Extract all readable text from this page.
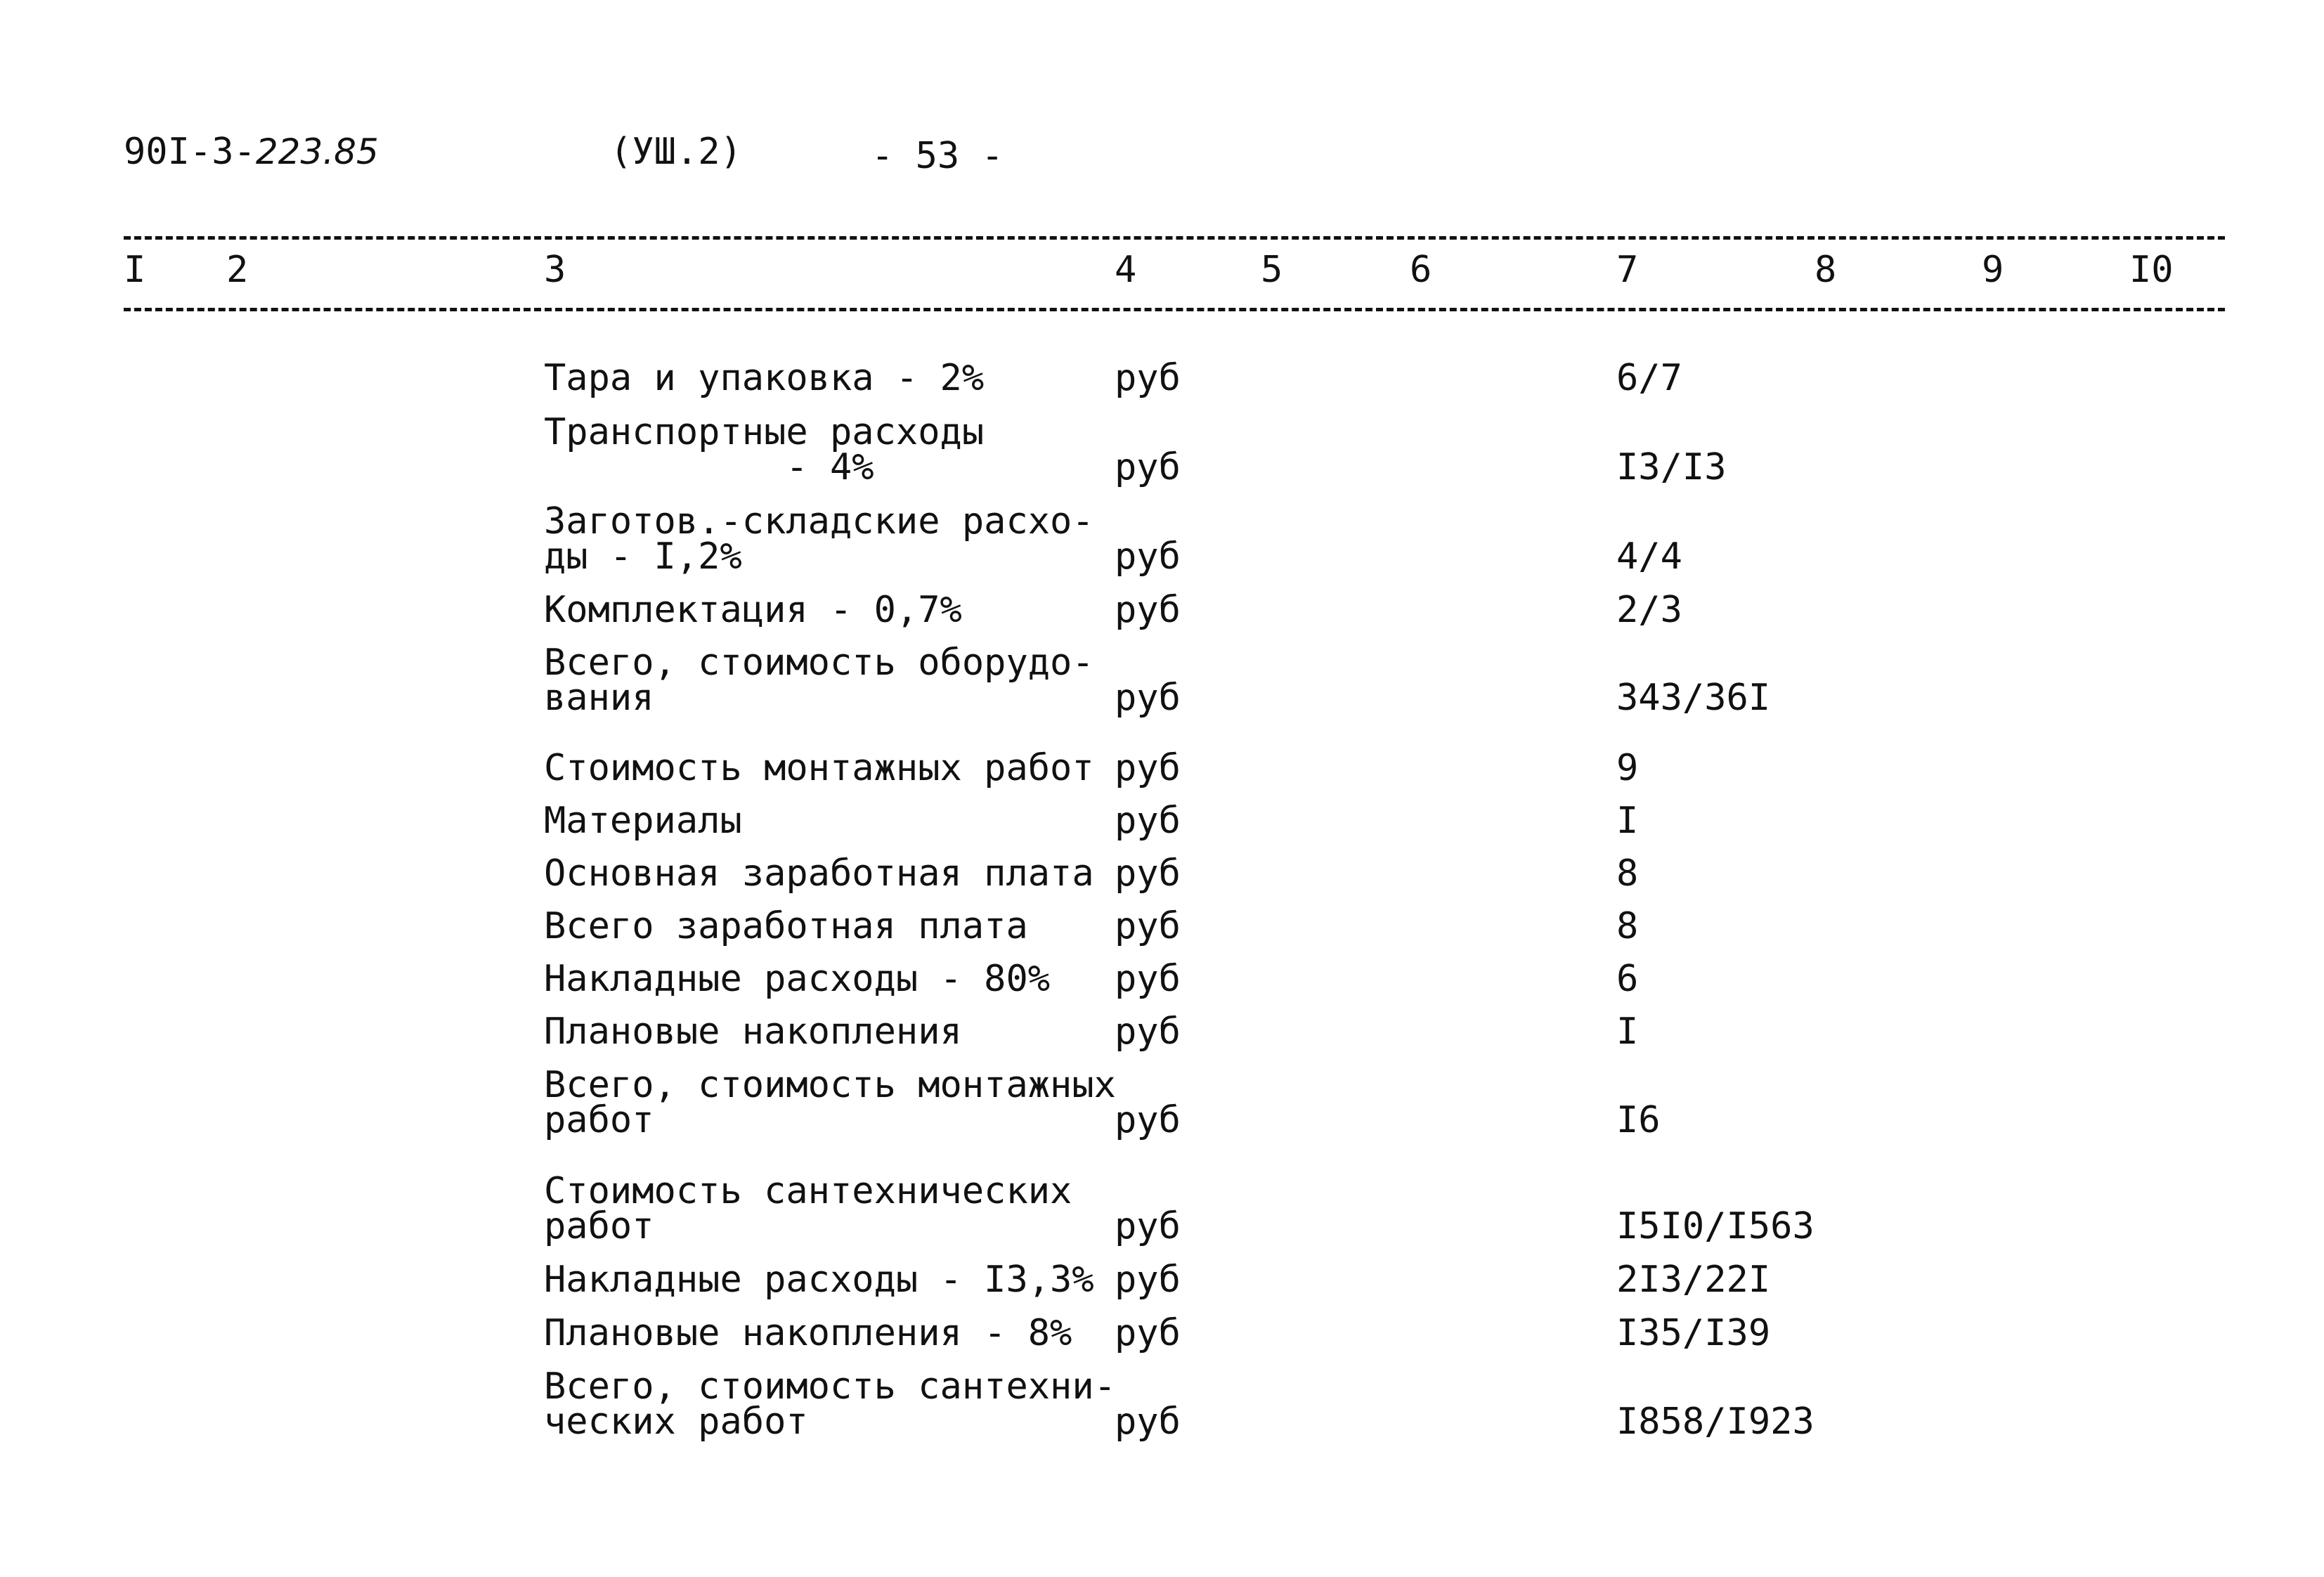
90I-3-223.85	(УШ.2)	- 53 -
I 2	3	4	5	6	7	8	9	I0
Тара и упаковка - 2%	руб	6/7
Транспортные расходы
- 4%	руб	I3/I3
Заготов.-складские расхо-
ды - I,2%	руб	4/4
Комплектация - 0,7%	руб	2/3
Всего, стоимость оборудо-
вания	руб	343/36I
Стоимость монтажных работ руб	9
Материалы	руб	I
Основная заработная плата руб	8
Всего заработная плата руб	8
Накладные расходы - 80% руб	6
Плановые накопления	руб	I
Всего, стоимость монтажных
работ	руб	I6
Стоимость сантехнических
работ	руб	I5I0/I563
Накладные расходы - I3,3% руб	2I3/22I
Плановые накопления - 8% руб	I35/I39
Всего, стоимость сантехни-
ческих работ	руб	I858/I923
